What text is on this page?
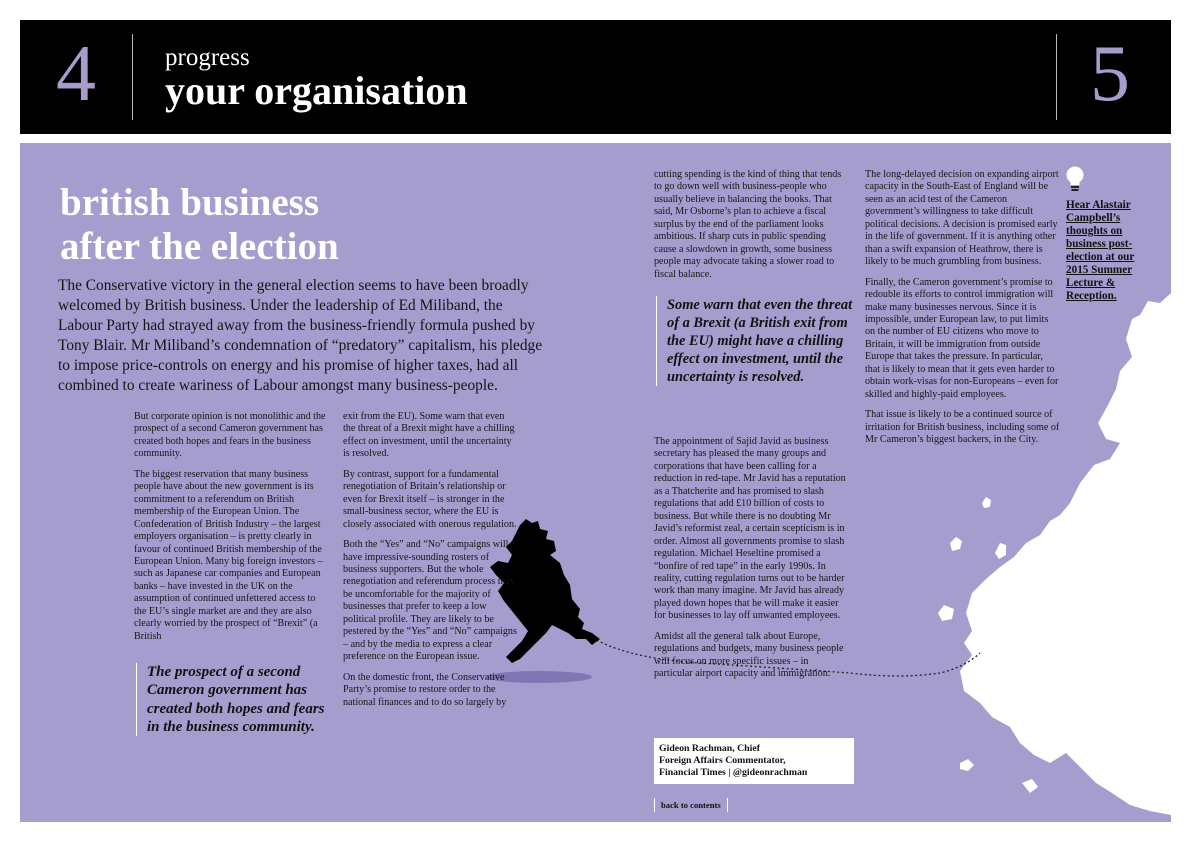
4	progress
your organisation	5
british business
after the election
The Conservative victory in the general election seems to have been broadly welcomed by British business. Under the leadership of Ed Miliband, the Labour Party had strayed away from the business-friendly formula pushed by Tony Blair. Mr Miliband’s condemnation of “predatory” capitalism, his pledge to impose price-controls on energy and his promise of higher taxes, had all combined to create wariness of Labour amongst many business-people.

But corporate opinion is not monolithic and the prospect of a second Cameron government has created both hopes and fears in the business community.

The biggest reservation that many business people have about the new government is its commitment to a referendum on British membership of the European Union. The Confederation of British Industry – the largest employers organisation – is pretty clearly in favour of continued British membership of the European Union. Many big foreign investors – such as Japanese car companies and European banks – have invested in the UK on the assumption of continued unfettered access to the EU’s single market are and they are also clearly worried by the prospect of “Brexit” (a British

The prospect of a second Cameron government has created both hopes and fears in the business community.

exit from the EU). Some warn that even the threat of a Brexit might have a chilling effect on investment, until the uncertainty is resolved.

By contrast, support for a fundamental renegotiation of Britain’s relationship or even for Brexit itself – is stronger in the small-business sector, where the EU is closely associated with onerous regulation.

Both the “Yes” and “No” campaigns will have impressive-sounding rosters of business supporters. But the whole renegotiation and referendum process may be uncomfortable for the majority of businesses that prefer to keep a low political profile. They are likely to be pestered by the “Yes” and “No” campaigns – and by the media to express a clear preference on the European issue.

On the domestic front, the Conservative Party’s promise to restore order to the national finances and to do so largely by

cutting spending is the kind of thing that tends to go down well with business-people who usually believe in balancing the books. That said, Mr Osborne’s plan to achieve a fiscal surplus by the end of the parliament looks ambitious. If sharp cuts in public spending cause a slowdown in growth, some business people may advocate taking a slower road to fiscal balance.
Some warn that even the threat of a Brexit (a British exit from the EU) might have a chilling effect on investment, until the uncertainty is resolved.

The appointment of Sajid Javid as business secretary has pleased the many groups and corporations that have been calling for a reduction in red-tape. Mr Javid has a reputation as a Thatcherite and has promised to slash regulations that add £10 billion of costs to business. But while there is no doubting Mr Javid’s reformist zeal, a certain scepticism is in order. Almost all governments promise to slash regulation. Michael Heseltine promised a “bonfire of red tape” in the early 1990s. In reality, cutting regulation turns out to be harder work than many imagine. Mr Javid has already played down hopes that he will make it easier for businesses to lay off unwanted employees.

Amidst all the general talk about Europe, regulations and budgets, many business people will focus on more specific issues – in particular airport capacity and immigration.

Gideon Rachman, Chief
Foreign Affairs Commentator,
Financial Times | @gideonrachman
back to contents

The long-delayed decision on expanding airport capacity in the South-East of England will be seen as an acid test of the Cameron government’s willingness to take difficult political decisions. A decision is promised early in the life of government. If it is anything other than a swift expansion of Heathrow, there is likely to be much grumbling from business.

Finally, the Cameron government’s promise to redouble its efforts to control immigration will make many businesses nervous. Since it is impossible, under European law, to put limits on the number of EU citizens who move to Britain, it will be immigration from outside Europe that takes the pressure. In particular, that is likely to mean that it gets even harder to obtain work-visas for non-Europeans – even for skilled and highly-paid employees.

That issue is likely to be a continued source of irritation for British business, including some of Mr Cameron’s biggest backers, in the City.

Hear Alastair Campbell’s thoughts on business post-election at our 2015 Summer Lecture & Reception.
